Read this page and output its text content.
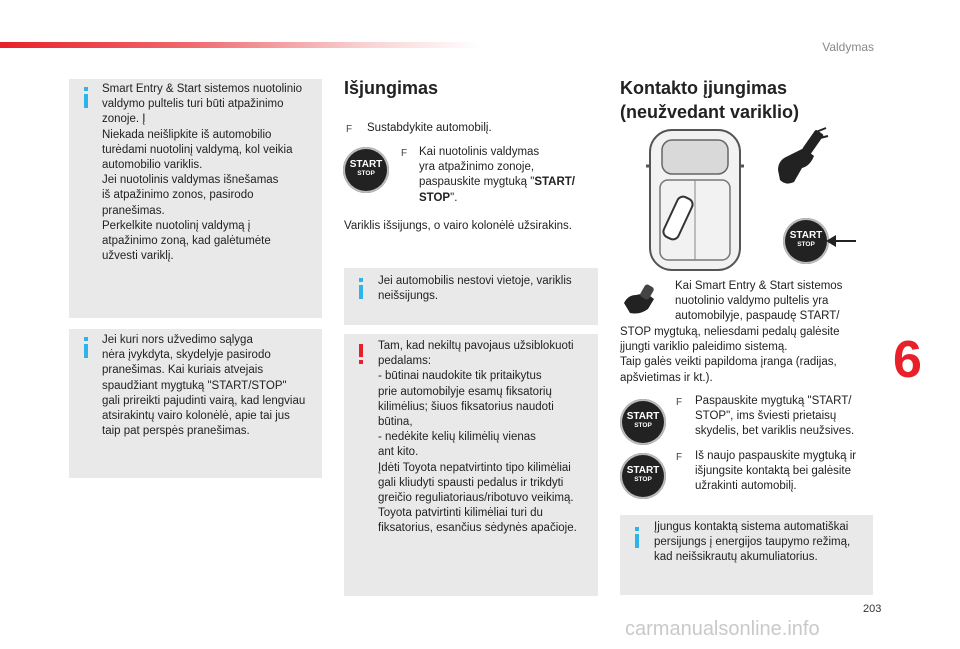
Valdymas
Smart Entry & Start sistemos nuotolinio
valdymo pultelis turi būti atpažinimo
zonoje. Į
Niekada neišlipkite iš automobilio
turėdami nuotolinį valdymą, kol veikia
automobilio variklis.
Jei nuotolinis valdymas išnešamas
iš atpažinimo zonos, pasirodo
pranešimas.
Perkelkite nuotolinį valdymą į
atpažinimo zoną, kad galėtumėte
užvesti variklį.
Jei kuri nors užvedimo sąlyga
nėra įvykdyta, skydelyje pasirodo
pranešimas. Kai kuriais atvejais
spaudžiant mygtuką "START/STOP"
gali prireikti pajudinti vairą, kad lengviau
atsirakintų vairo kolonėlė, apie tai jus
taip pat perspės pranešimas.
Išjungimas
F Sustabdykite automobilį.
START
STOP
F Kai nuotolinis valdymas
yra atpažinimo zonoje,
paspauskite mygtuką "START/
STOP".
Variklis išsijungs, o vairo kolonėlė užsirakins.
Jei automobilis nestovi vietoje, variklis
neišsijungs.
Tam, kad nekiltų pavojaus užsiblokuoti
pedalams:
- būtinai naudokite tik pritaikytus
prie automobilyje esamų fiksatorių
kilimėlius; šiuos fiksatorius naudoti
būtina,
- nedėkite kelių kilimėlių vienas
ant kito.
Įdėti Toyota nepatvirtinto tipo kilimėliai
gali kliudyti spausti pedalus ir trikdyti
greičio reguliatoriaus/ribotuvo veikimą.
Toyota patvirtinti kilimėliai turi du
fiksatorius, esančius sėdynės apačioje.
Kontakto įjungimas
(neužvedant variklio)
START
STOP
Kai Smart Entry & Start sistemos
nuotolinio valdymo pultelis yra
automobilyje, paspaudę START/
STOP mygtuką, neliesdami pedalų galėsite
įjungti variklio paleidimo sistemą.
Taip galės veikti papildoma įranga (radijas,
apšvietimas ir kt.).
START
STOP
F Paspauskite mygtuką "START/
STOP", ims šviesti prietaisų
skydelis, bet variklis neužsives.
START
STOP
F Iš naujo paspauskite mygtuką ir
išjungsite kontaktą bei galėsite
užrakinti automobilį.
Įjungus kontaktą sistema automatiškai
persijungs į energijos taupymo režimą,
kad neišsikrautų akumuliatorius.
6
203
carmanualsonline.info
